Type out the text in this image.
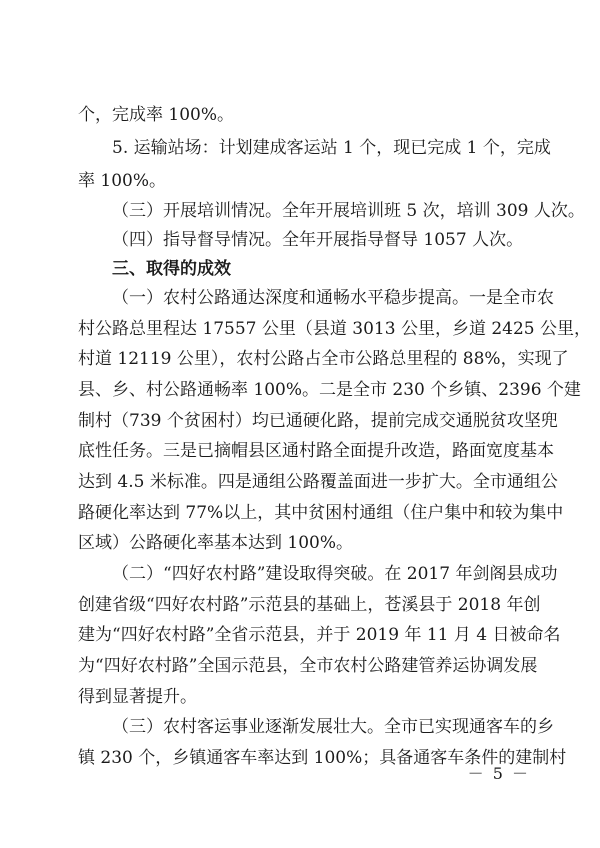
个，完成率 100%。
5. 运输站场：计划建成客运站 1 个，现已完成 1 个，完成
率 100%。
（三）开展培训情况。全年开展培训班 5 次，培训 309 人次。
（四）指导督导情况。全年开展指导督导 1057 人次。
三、取得的成效
（一）农村公路通达深度和通畅水平稳步提高。一是全市农
村公路总里程达 17557 公里（县道 3013 公里，乡道 2425 公里，
村道 12119 公里），农村公路占全市公路总里程的 88%，实现了
县、乡、村公路通畅率 100%。二是全市 230 个乡镇、2396 个建
制村（739 个贫困村）均已通硬化路，提前完成交通脱贫攻坚兜
底性任务。三是已摘帽县区通村路全面提升改造，路面宽度基本
达到 4.5 米标准。四是通组公路覆盖面进一步扩大。全市通组公
路硬化率达到 77%以上，其中贫困村通组（住户集中和较为集中
区域）公路硬化率基本达到 100%。
（二）“四好农村路”建设取得突破。在 2017 年剑阁县成功
创建省级“四好农村路”示范县的基础上，苍溪县于 2018 年创
建为“四好农村路”全省示范县，并于 2019 年 11 月 4 日被命名
为“四好农村路”全国示范县，全市农村公路建管养运协调发展
得到显著提升。
（三）农村客运事业逐渐发展壮大。全市已实现通客车的乡
镇 230 个，乡镇通客车率达到 100%；具备通客车条件的建制村
－ 5 －
